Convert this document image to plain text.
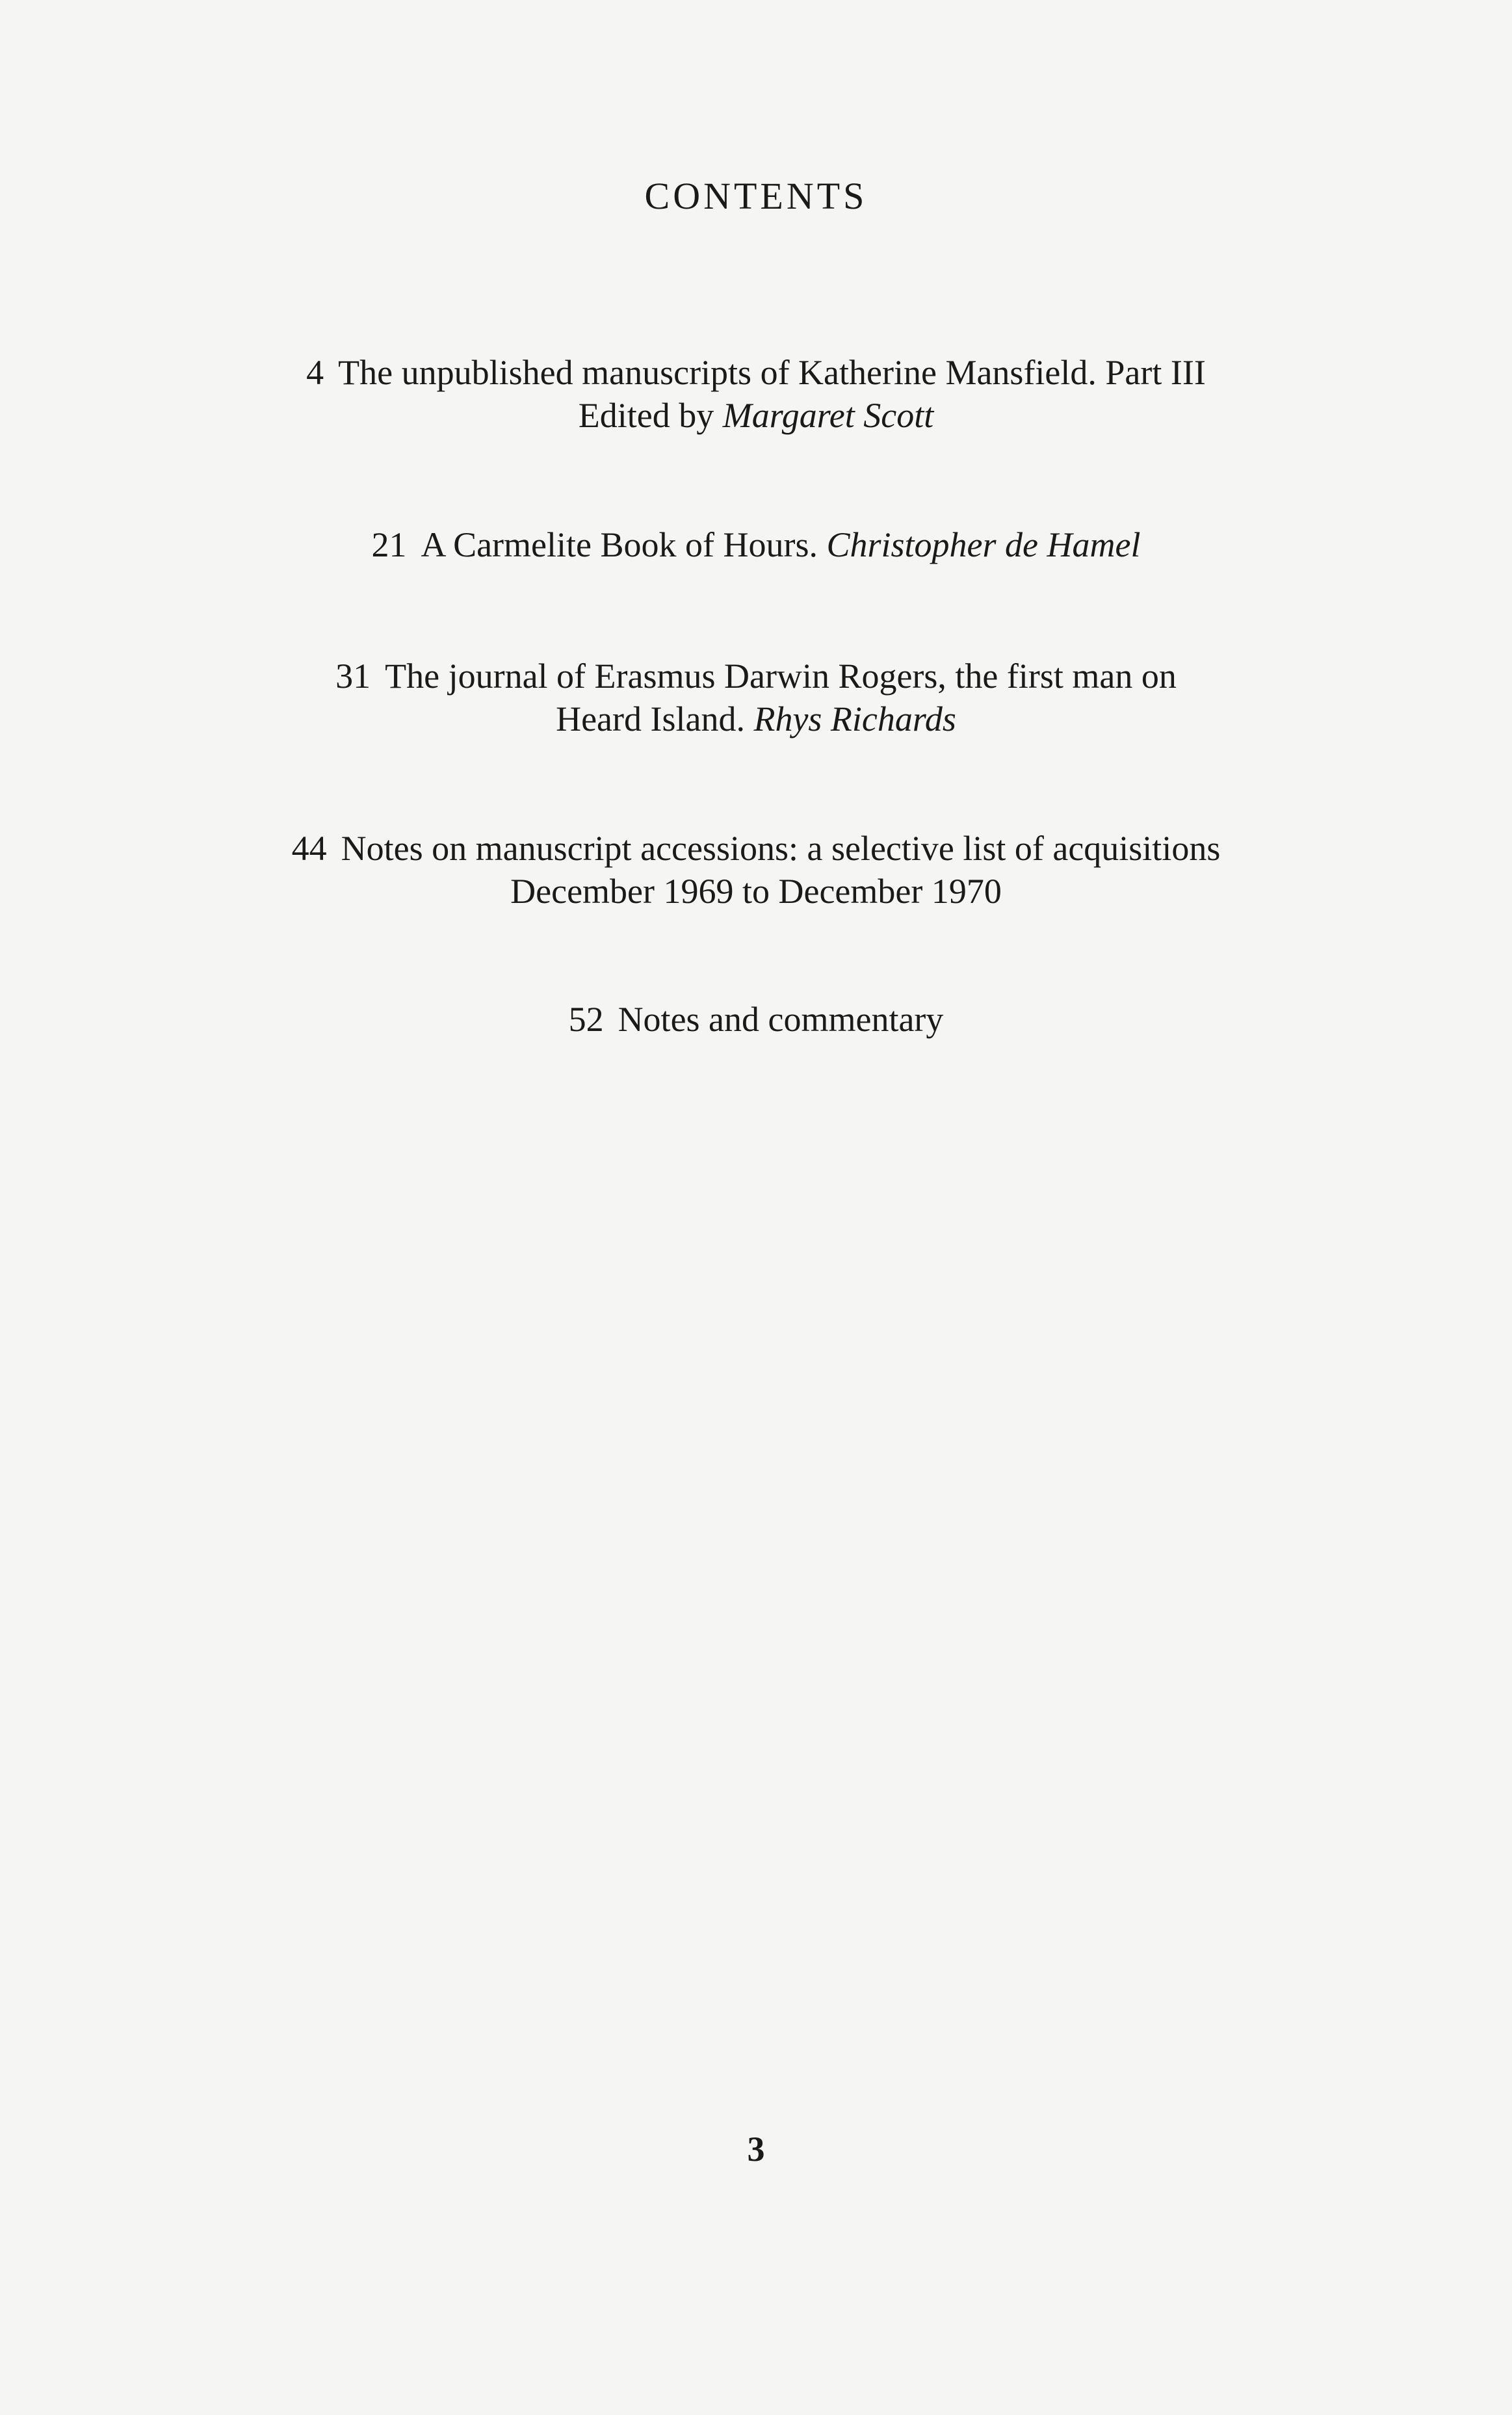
CONTENTS
4 The unpublished manuscripts of Katherine Mansfield. Part III
Edited by Margaret Scott
21 A Carmelite Book of Hours. Christopher de Hamel
31 The journal of Erasmus Darwin Rogers, the first man on
Heard Island. Rhys Richards
44 Notes on manuscript accessions: a selective list of acquisitions
December 1969 to December 1970
52 Notes and commentary
3
